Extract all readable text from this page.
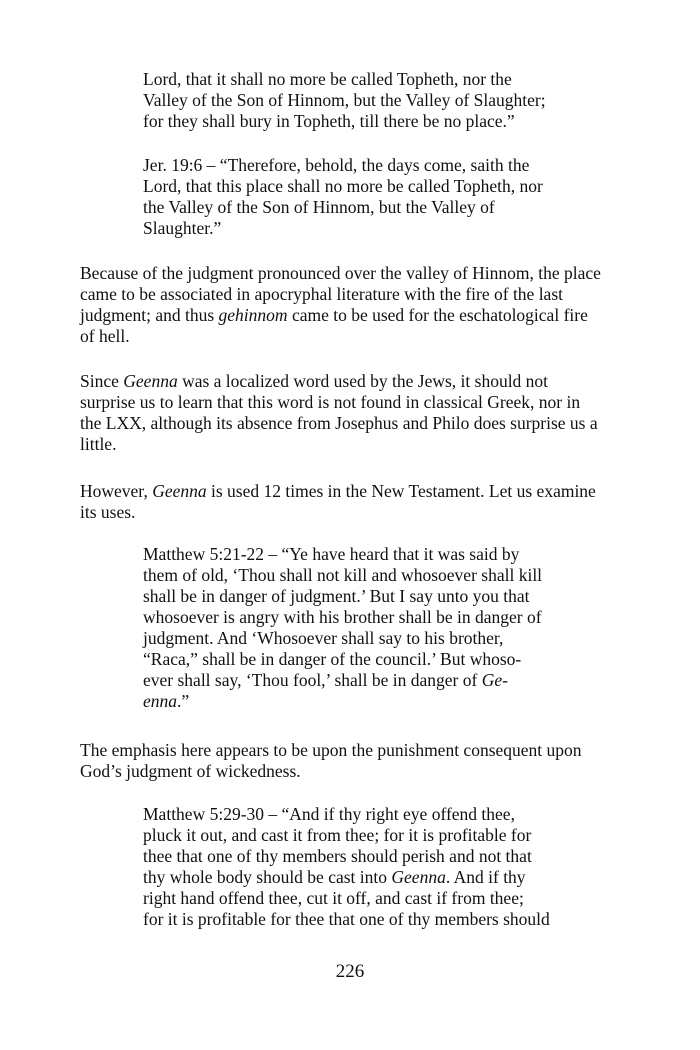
Lord, that it shall no more be called Topheth, nor the
Valley of the Son of Hinnom, but the Valley of Slaughter;
for they shall bury in Topheth, till there be no place.”
Jer. 19:6 – “Therefore, behold, the days come, saith the
Lord, that this place shall no more be called Topheth, nor
the Valley of the Son of Hinnom, but the Valley of
Slaughter.”
Because of the judgment pronounced over the valley of Hinnom, the place
came to be associated in apocryphal literature with the fire of the last
judgment; and thus gehinnom came to be used for the eschatological fire
of hell.
Since Geenna was a localized word used by the Jews, it should not
surprise us to learn that this word is not found in classical Greek, nor in
the LXX, although its absence from Josephus and Philo does surprise us a
little.
However, Geenna is used 12 times in the New Testament. Let us examine
its uses.
Matthew 5:21-22 – “Ye have heard that it was said by
them of old, ‘Thou shall not kill and whosoever shall kill
shall be in danger of judgment.’ But I say unto you that
whosoever is angry with his brother shall be in danger of
judgment. And ‘Whosoever shall say to his brother,
“Raca,” shall be in danger of the council.’ But whoso-
ever shall say, ‘Thou fool,’ shall be in danger of Ge-
enna.”
The emphasis here appears to be upon the punishment consequent upon
God’s judgment of wickedness.
Matthew 5:29-30 – “And if thy right eye offend thee,
pluck it out, and cast it from thee; for it is profitable for
thee that one of thy members should perish and not that
thy whole body should be cast into Geenna. And if thy
right hand offend thee, cut it off, and cast if from thee;
for it is profitable for thee that one of thy members should
226
